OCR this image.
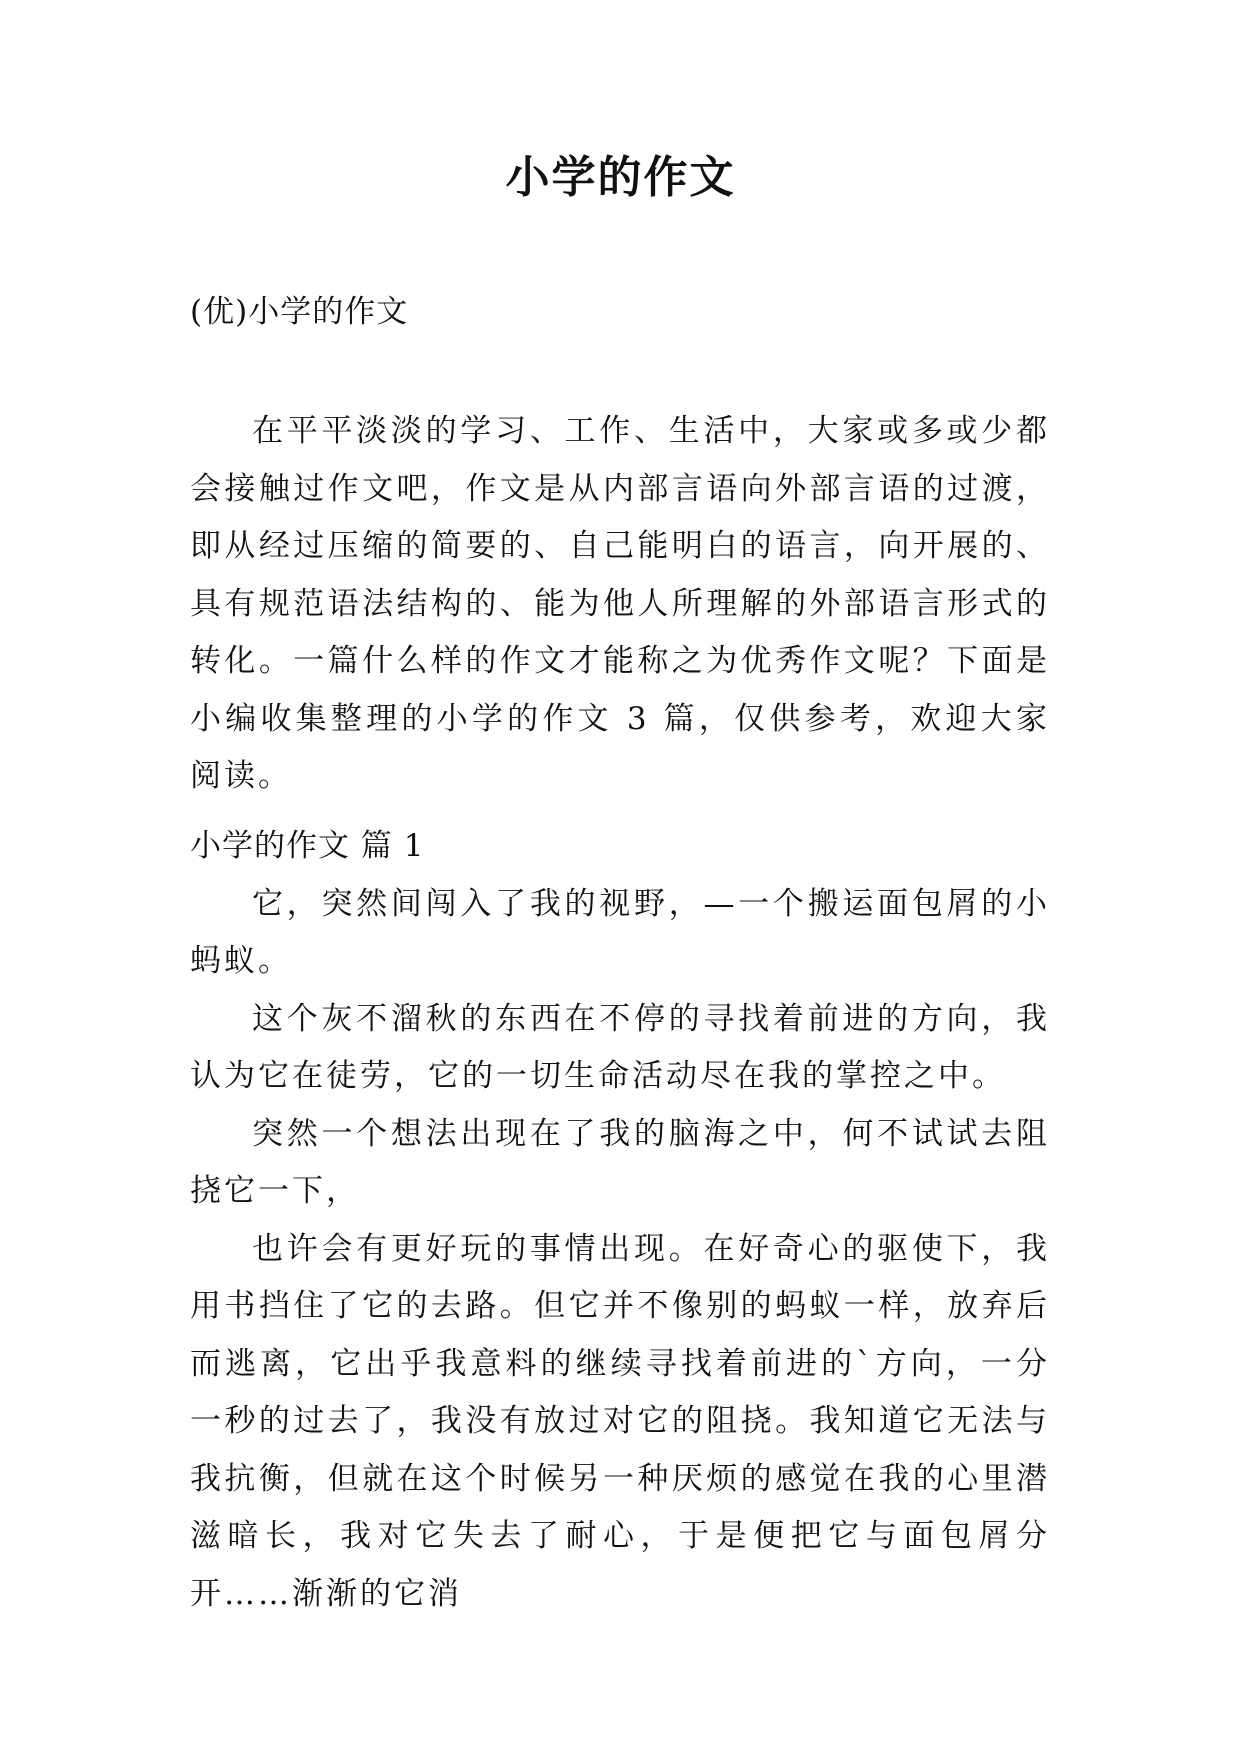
小学的作文
(优)小学的作文

在平平淡淡的学习、工作、生活中，大家或多或少都会接触过作文吧，作文是从内部言语向外部言语的过渡，即从经过压缩的简要的、自己能明白的语言，向开展的、具有规范语法结构的、能为他人所理解的外部语言形式的转化。一篇什么样的作文才能称之为优秀作文呢？下面是小编收集整理的小学的作文 3 篇，仅供参考，欢迎大家阅读。

小学的作文 篇 1

它，突然间闯入了我的视野，—一个搬运面包屑的小蚂蚁。

这个灰不溜秋的东西在不停的寻找着前进的方向，我认为它在徒劳，它的一切生命活动尽在我的掌控之中。

突然一个想法出现在了我的脑海之中，何不试试去阻挠它一下，

也许会有更好玩的事情出现。在好奇心的驱使下，我用书挡住了它的去路。但它并不像别的蚂蚁一样，放弃后而逃离，它出乎我意料的继续寻找着前进的`方向，一分一秒的过去了，我没有放过对它的阻挠。我知道它无法与我抗衡，但就在这个时候另一种厌烦的感觉在我的心里潜滋暗长，我对它失去了耐心，于是便把它与面包屑分开……渐渐的它消
